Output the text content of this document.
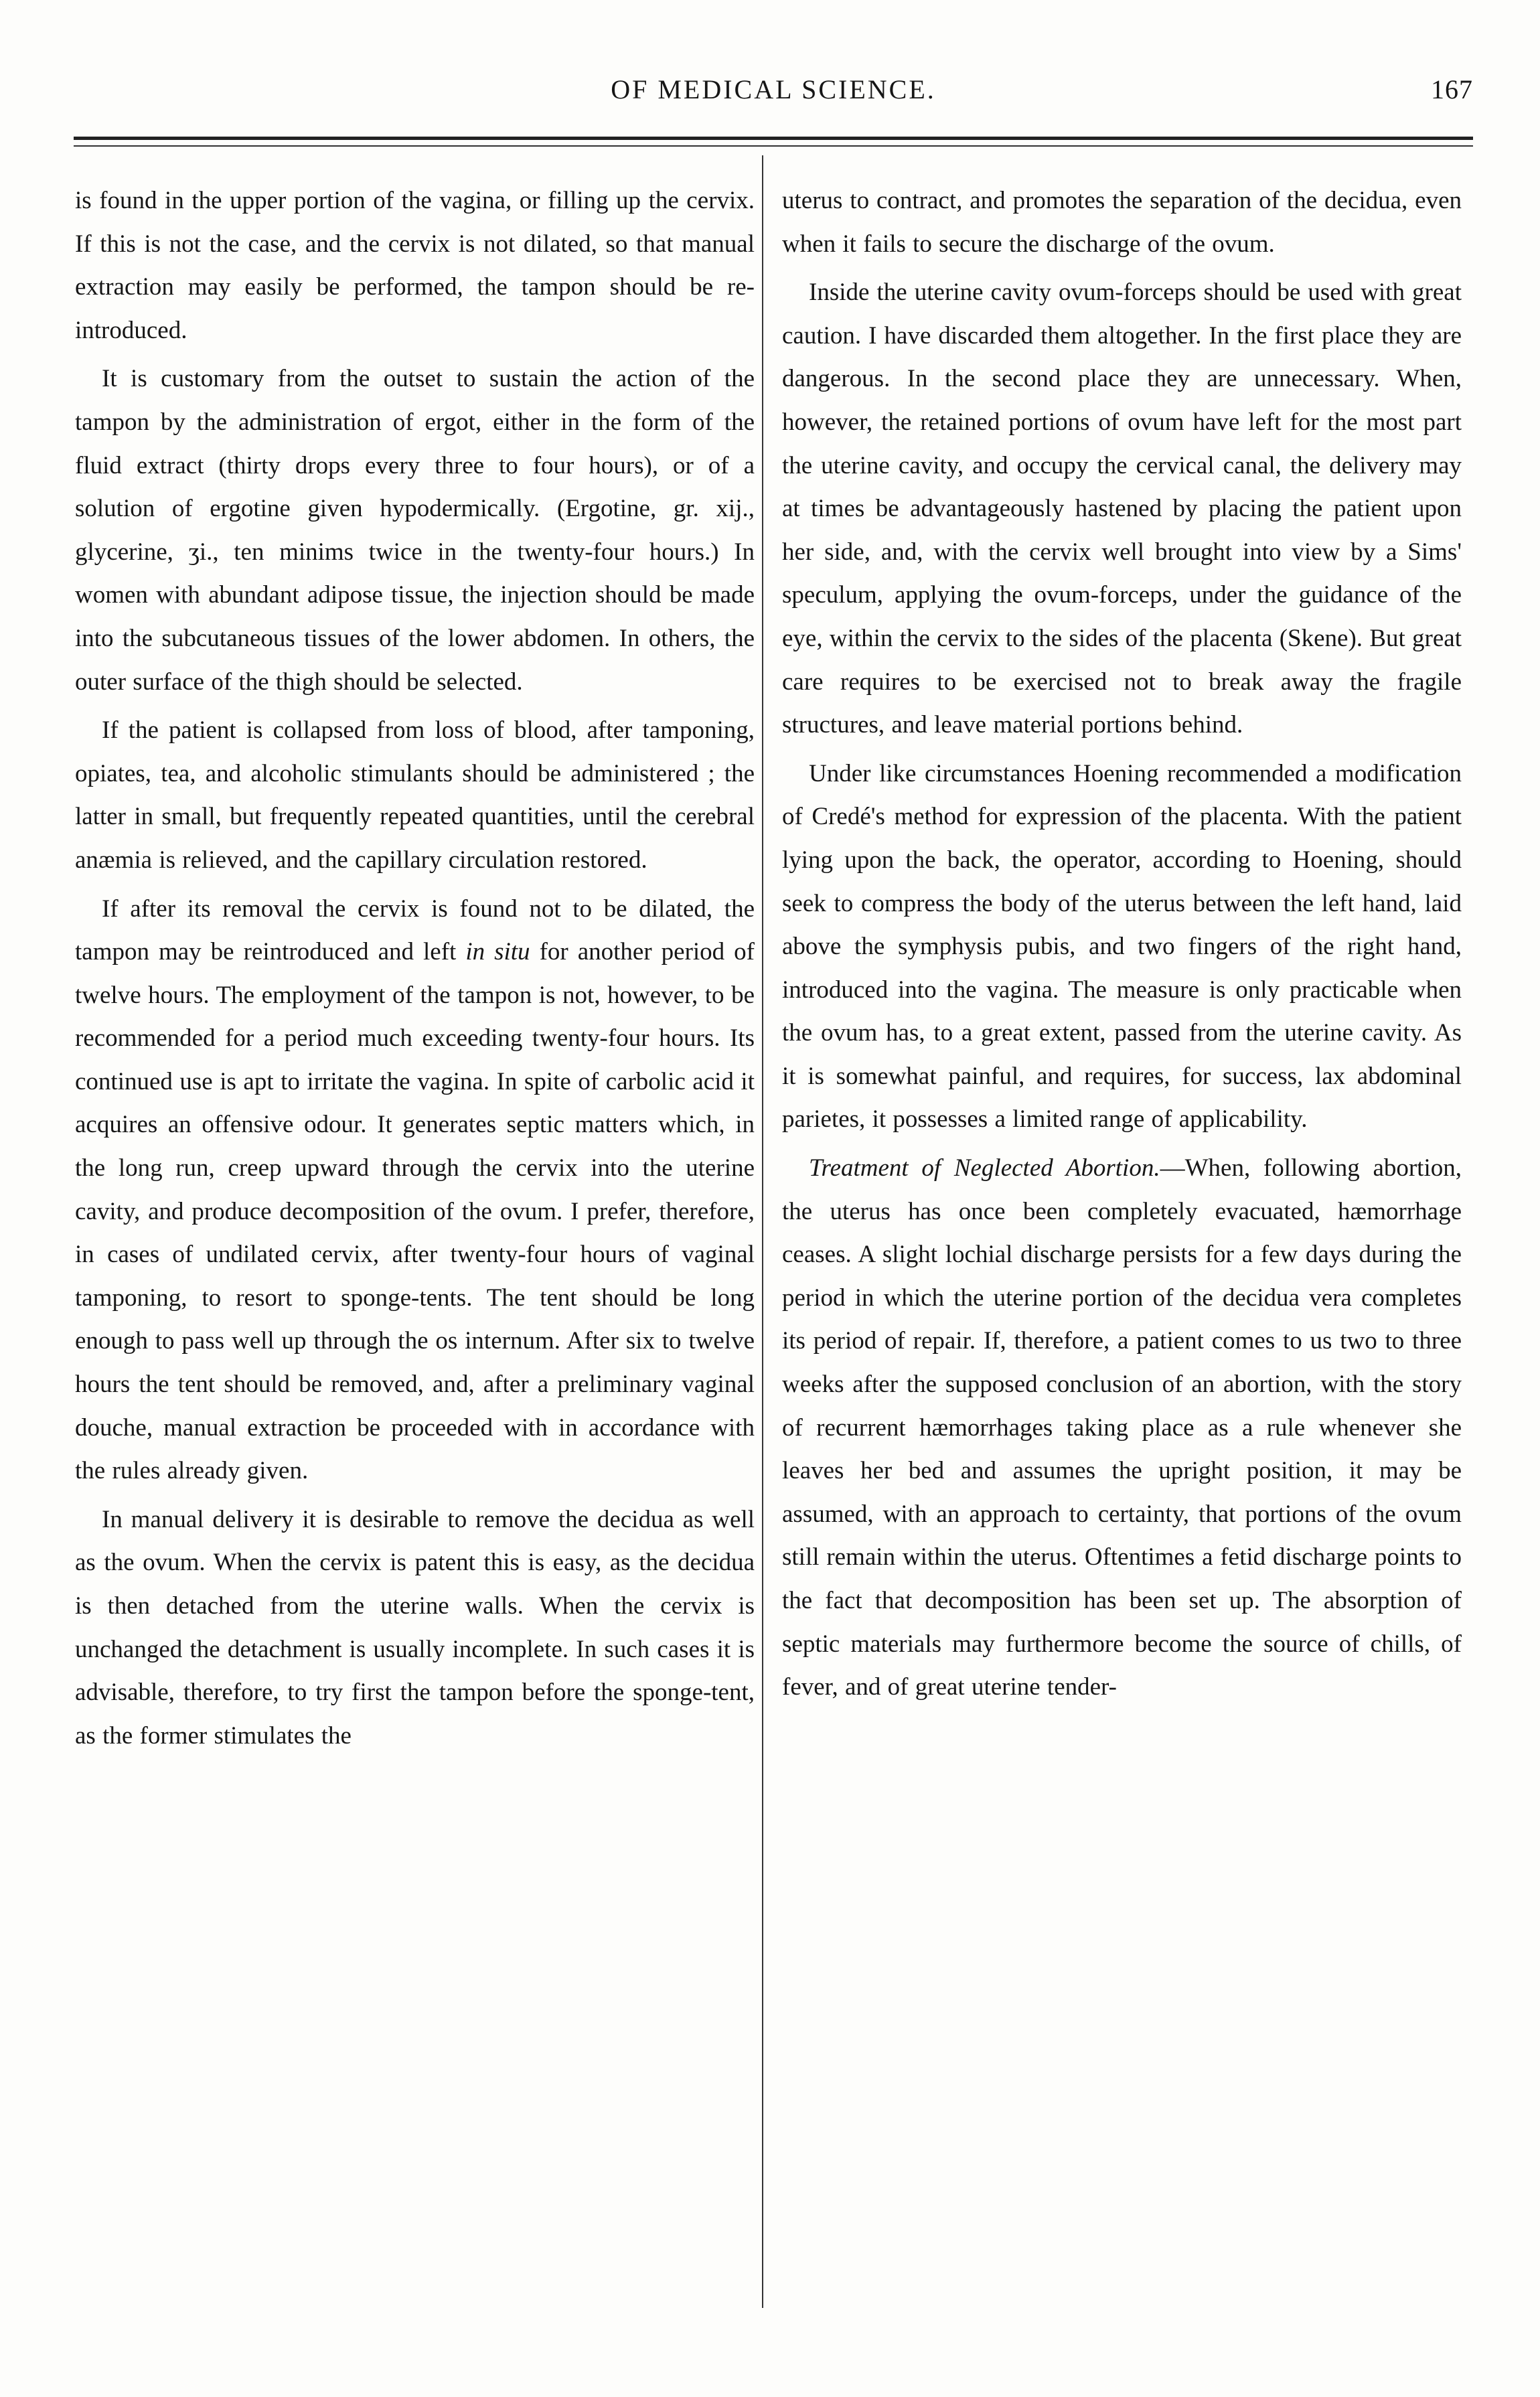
OF MEDICAL SCIENCE.	167

is found in the upper portion of the vagina, or filling up the cervix. If this is not the case, and the cervix is not dilated, so that manual extraction may easily be performed, the tampon should be re-introduced.

It is customary from the outset to sustain the action of the tampon by the administration of ergot, either in the form of the fluid extract (thirty drops every three to four hours), or of a solution of ergotine given hypodermically. (Ergotine, gr. xij., glycerine, ʒi., ten minims twice in the twenty-four hours.) In women with abundant adipose tissue, the injection should be made into the subcutaneous tissues of the lower abdomen. In others, the outer surface of the thigh should be selected.

If the patient is collapsed from loss of blood, after tamponing, opiates, tea, and alcoholic stimulants should be administered ; the latter in small, but frequently repeated quantities, until the cerebral anæmia is relieved, and the capillary circulation restored.

If after its removal the cervix is found not to be dilated, the tampon may be reintroduced and left in situ for another period of twelve hours. The employment of the tampon is not, however, to be recommended for a period much exceeding twenty-four hours. Its continued use is apt to irritate the vagina. In spite of carbolic acid it acquires an offensive odour. It generates septic matters which, in the long run, creep upward through the cervix into the uterine cavity, and produce decomposition of the ovum. I prefer, therefore, in cases of undilated cervix, after twenty-four hours of vaginal tamponing, to resort to sponge-tents. The tent should be long enough to pass well up through the os internum. After six to twelve hours the tent should be removed, and, after a preliminary vaginal douche, manual extraction be proceeded with in accordance with the rules already given.

In manual delivery it is desirable to remove the decidua as well as the ovum. When the cervix is patent this is easy, as the decidua is then detached from the uterine walls. When the cervix is unchanged the detachment is usually incomplete. In such cases it is advisable, therefore, to try first the tampon before the sponge-tent, as the former stimulates the

uterus to contract, and promotes the separation of the decidua, even when it fails to secure the discharge of the ovum.

Inside the uterine cavity ovum-forceps should be used with great caution. I have discarded them altogether. In the first place they are dangerous. In the second place they are unnecessary. When, however, the retained portions of ovum have left for the most part the uterine cavity, and occupy the cervical canal, the delivery may at times be advantageously hastened by placing the patient upon her side, and, with the cervix well brought into view by a Sims' speculum, applying the ovum-forceps, under the guidance of the eye, within the cervix to the sides of the placenta (Skene). But great care requires to be exercised not to break away the fragile structures, and leave material portions behind.

Under like circumstances Hoening recommended a modification of Credé's method for expression of the placenta. With the patient lying upon the back, the operator, according to Hoening, should seek to compress the body of the uterus between the left hand, laid above the symphysis pubis, and two fingers of the right hand, introduced into the vagina. The measure is only practicable when the ovum has, to a great extent, passed from the uterine cavity. As it is somewhat painful, and requires, for success, lax abdominal parietes, it possesses a limited range of applicability.

Treatment of Neglected Abortion.—When, following abortion, the uterus has once been completely evacuated, hæmorrhage ceases. A slight lochial discharge persists for a few days during the period in which the uterine portion of the decidua vera completes its period of repair. If, therefore, a patient comes to us two to three weeks after the supposed conclusion of an abortion, with the story of recurrent hæmorrhages taking place as a rule whenever she leaves her bed and assumes the upright position, it may be assumed, with an approach to certainty, that portions of the ovum still remain within the uterus. Oftentimes a fetid discharge points to the fact that decomposition has been set up. The absorption of septic materials may furthermore become the source of chills, of fever, and of great uterine tender-
